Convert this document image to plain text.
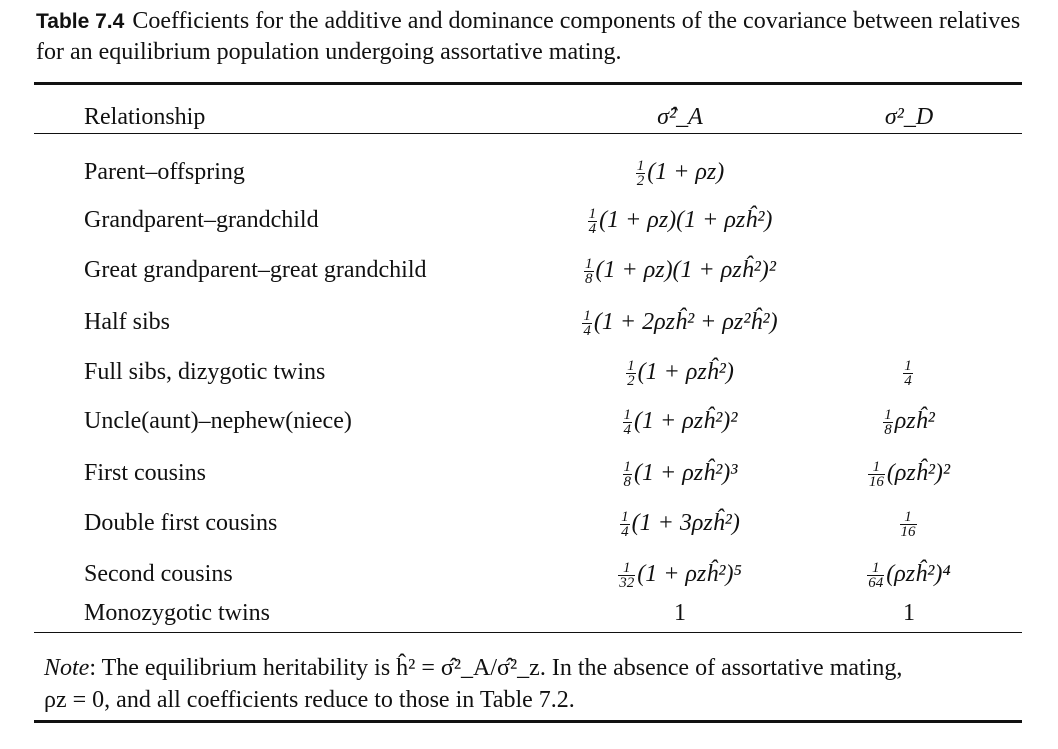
Table 7.4 Coefficients for the additive and dominance components of the covariance between relatives for an equilibrium population undergoing assortative mating.
Relationship	σ̂²_A	σ²_D
Parent–offspring	$\frac{1}{2} (1 + \rho z)$
Grandparent–grandchild	$\frac{1}{4} (1 + \rho z)(1$ + ρzĥ²)
Great grandparent–great grandchild	$\frac{1}{8} (1 + \rho z)(1$ + ρzĥ²)²
Half sibs	$\frac{1}{4} (1$ + 2ρzĥ² + ρz²ĥ²)
Full sibs, dizygotic twins	$\frac{1}{2} (1$ + ρzĥ²)	$\frac{1}{4}$
Uncle(aunt)–nephew(niece)	$\frac{1}{4} (1$ + ρzĥ²)²	$\frac{1}{8}$ ρzĥ²
First cousins	$\frac{1}{8} (1$ + ρzĥ²)³	$\frac{1}{16}$ (ρzĥ²)²
Double first cousins	$\frac{1}{4} (1$ + 3ρzĥ²)	$\frac{1}{16}$
Second cousins	$\frac{1}{32} (1$ + ρzĥ²)⁵	$\frac{1}{64}$ (ρzĥ²)⁴
Monozygotic twins	1	1
Note: The equilibrium heritability is ĥ² = σ̂²_A/σ̂²_z. In the absence of assortative mating,
ρz = 0, and all coefficients reduce to those in Table 7.2.
